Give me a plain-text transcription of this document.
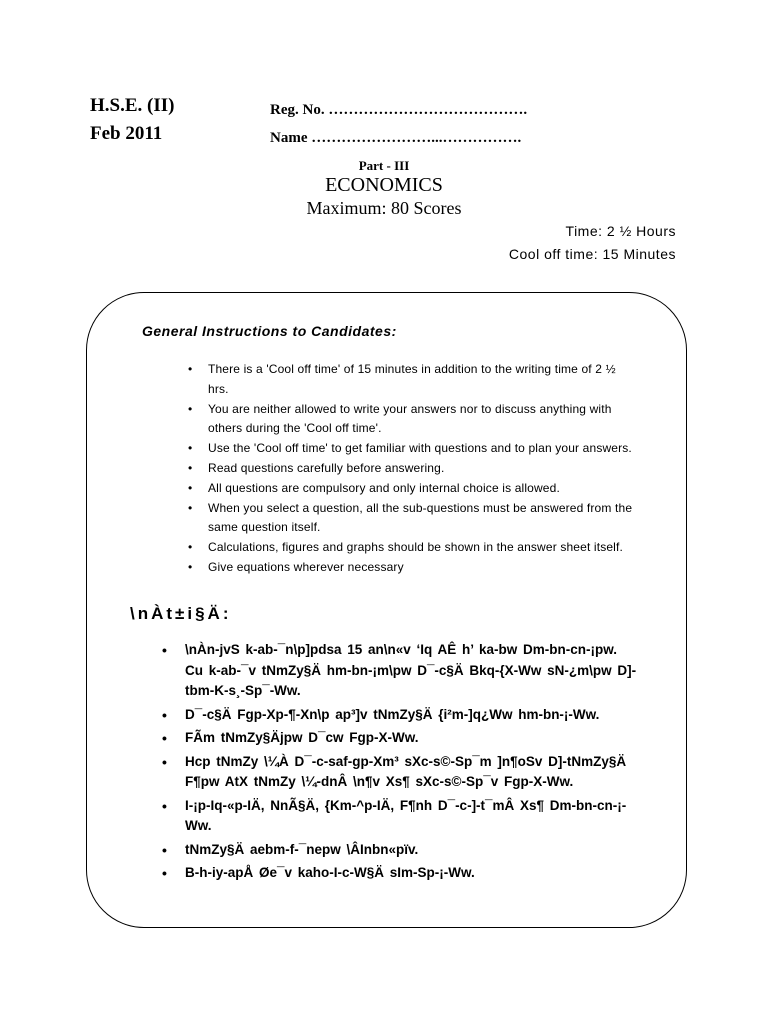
H.S.E. (II)
Feb 2011
Reg. No. ………………………………….
Name ……………………...…………….
Part - III
ECONOMICS
Maximum: 80 Scores
Time: 2 ½ Hours
Cool off time: 15 Minutes
General Instructions to Candidates:
• There is a 'Cool off time' of 15 minutes in addition to the writing time of 2 ½ hrs.
• You are neither allowed to write your answers nor to discuss anything with others during the 'Cool off time'.
• Use the 'Cool off time' to get familiar with questions and to plan your answers.
• Read questions carefully before answering.
• All questions are compulsory and only internal choice is allowed.
• When you select a question, all the sub-questions must be answered from the same question itself.
• Calculations, figures and graphs should be shown in the answer sheet itself.
• Give equations wherever necessary
\nÀt±i§Ä:
• \nÀn-jvS k-ab-¯n\p]pdsa 15 an\n«v ‘Iq AÊ h’ ka-bw Dm-bn-cn-¡pw. Cu k-ab-¯v tNmZy§Ä hm-bn-¡m\pw D¯-c§Ä Bkq-{X-Ww sN-¿m\pw D]-tbm-K-s¸-Sp¯-Ww.
• D¯-c§Ä Fgp-Xp-¶-Xn\p ap³]v tNmZy§Ä {i²m-]q¿Ww hm-bn-¡-Ww.
• FÃm tNmZy§Äjpw D¯cw Fgp-X-Ww.
• Hcp tNmZy \¼À D¯-c-saf-gp-Xm³ sXc-s©-Sp¯m ]n¶oSv D]-tNmZy§Ä F¶pw AtX tNmZy \¼-dnÂ \n¶v Xs¶ sXc-s©-Sp¯v Fgp-X-Ww.
• I-¡p-Iq-«p-IÄ, NnÃ§Ä, {Km-^p-IÄ, F¶nh D¯-c-]-t¯mÂ Xs¶ Dm-bn-cn-¡-Ww.
• tNmZy§Ä aebm-f-¯nepw \ÂInbn«pïv.
• B-h-iy-apÅ Øe¯v kaho-I-c-W§Ä sIm-Sp-¡-Ww.
